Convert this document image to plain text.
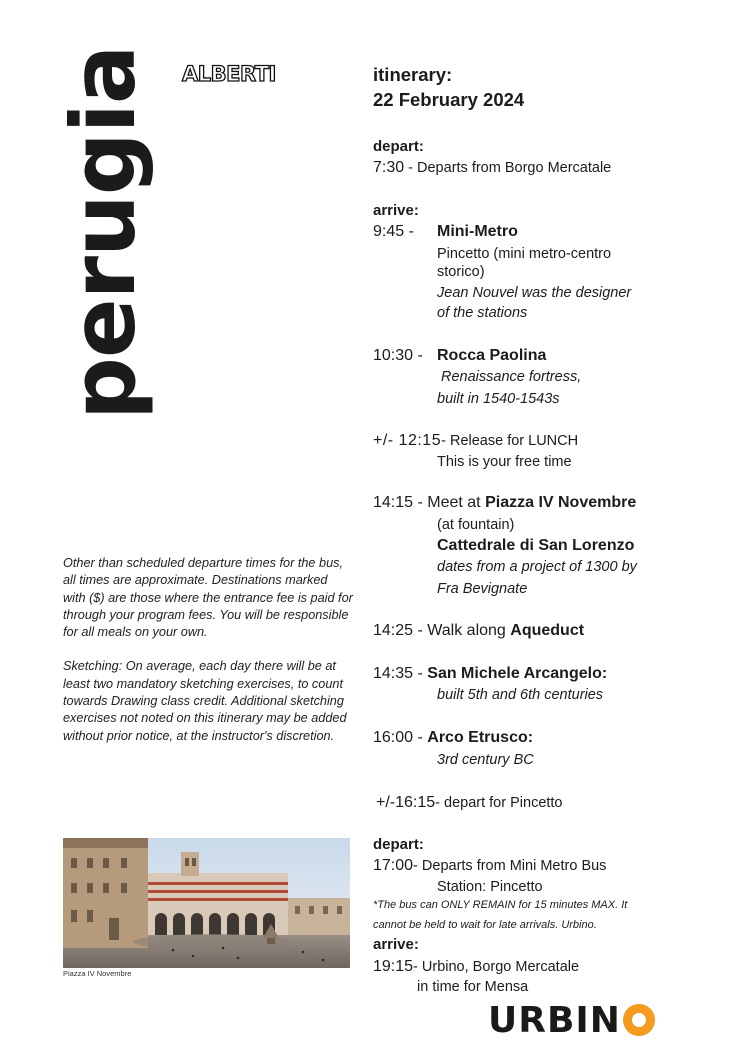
perugia ALBERTI

Other than scheduled departure times for the bus, all times are approximate. Destinations marked with ($) are those where the entrance fee is paid for through your program fees. You will be responsible for all meals on your own.

Sketching: On average, each day there will be at least two mandatory sketching exercises, to count towards Drawing class credit. Additional sketching exercises not noted on this itinerary may be added without prior notice, at the instructor's discretion.

Piazza IV Novembre
itinerary:
22 February 2024
depart:
7:30 - Departs from Borgo Mercatale
arrive:
9:45 - Mini-Metro
Pincetto (mini metro-centro
storico)
Jean Nouvel was the designer
of the stations
10:30 - Rocca Paolina
Renaissance fortress,
built in 1540-1543s
+/- 12:15- Release for LUNCH
This is your free time
14:15 - Meet at Piazza IV Novembre
(at fountain)
Cattedrale di San Lorenzo
dates from a project of 1300 by
Fra Bevignate
14:25 - Walk along Aqueduct
14:35 - San Michele Arcangelo:
built 5th and 6th centuries
16:00 - Arco Etrusco:
3rd century BC
+/-16:15- depart for Pincetto
depart:
17:00- Departs from Mini Metro Bus
Station: Pincetto
*The bus can ONLY REMAIN for 15 minutes MAX. It
cannot be held to wait for late arrivals. Urbino.
arrive:
19:15- Urbino, Borgo Mercatale
in time for Mensa
URBIN
